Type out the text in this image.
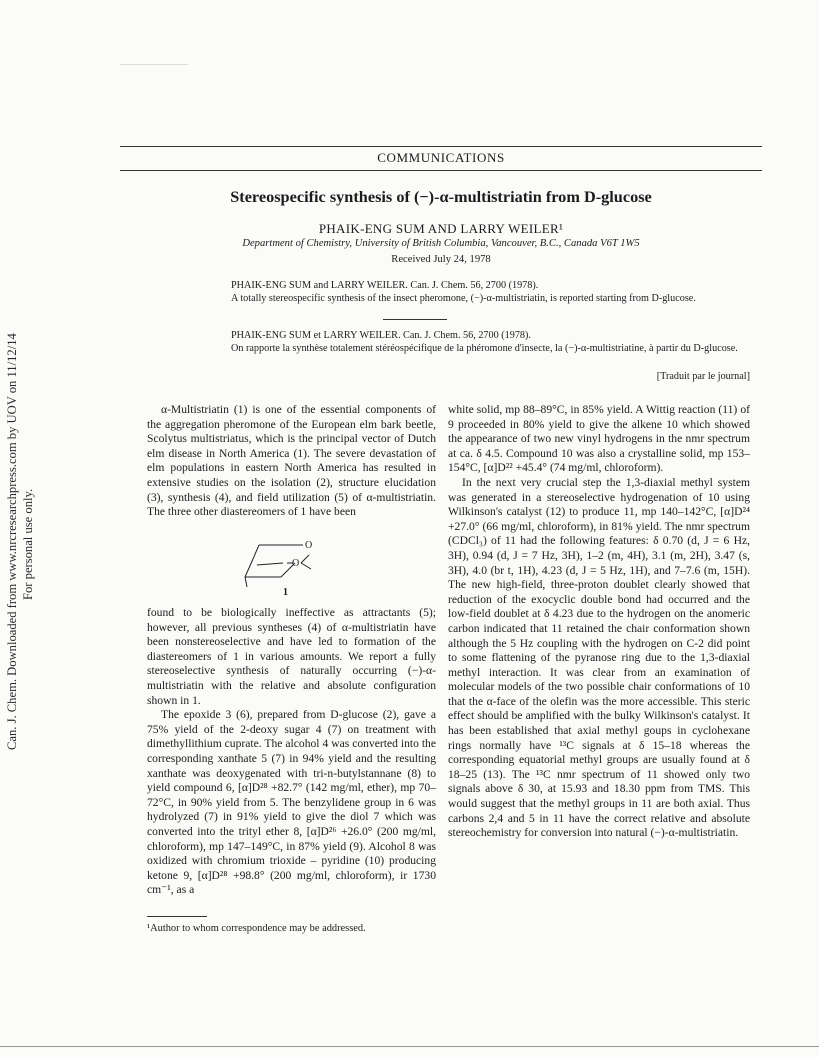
Can. J. Chem. Downloaded from www.nrcresearchpress.com by UOV on 11/12/14 For personal use only.
COMMUNICATIONS
Stereospecific synthesis of (−)-α-multistriatin from D-glucose
PHAIK-ENG SUM AND LARRY WEILER¹
Department of Chemistry, University of British Columbia, Vancouver, B.C., Canada V6T 1W5
Received July 24, 1978
PHAIK-ENG SUM and LARRY WEILER. Can. J. Chem. 56, 2700 (1978).
A totally stereospecific synthesis of the insect pheromone, (−)-α-multistriatin, is reported starting from D-glucose.
PHAIK-ENG SUM et LARRY WEILER. Can. J. Chem. 56, 2700 (1978).
On rapporte la synthèse totalement stéréospécifique de la phéromone d'insecte, la (−)-α-multistriatine, à partir du D-glucose.
[Traduit par le journal]

α-Multistriatin (1) is one of the essential components of the aggregation pheromone of the European elm bark beetle, Scolytus multistriatus, which is the principal vector of Dutch elm disease in North America (1). The severe devastation of elm populations in eastern North America has resulted in extensive studies on the isolation (2), structure elucidation (3), synthesis (4), and field utilization (5) of α-multistriatin. The three other diastereomers of 1 have been

O
O
1

found to be biologically ineffective as attractants (5); however, all previous syntheses (4) of α-multistriatin have been nonstereoselective and have led to formation of the diastereomers of 1 in various amounts. We report a fully stereoselective synthesis of naturally occurring (−)-α-multistriatin with the relative and absolute configuration shown in 1.

The epoxide 3 (6), prepared from D-glucose (2), gave a 75% yield of the 2-deoxy sugar 4 (7) on treatment with dimethyllithium cuprate. The alcohol 4 was converted into the corresponding xanthate 5 (7) in 94% yield and the resulting xanthate was deoxygenated with tri-n-butylstannane (8) to yield compound 6, [α]D²⁸ +82.7° (142 mg/ml, ether), mp 70–72°C, in 90% yield from 5. The benzylidene group in 6 was hydrolyzed (7) in 91% yield to give the diol 7 which was converted into the trityl ether 8, [α]D²⁶ +26.0° (200 mg/ml, chloroform), mp 147–149°C, in 87% yield (9). Alcohol 8 was oxidized with chromium trioxide – pyridine (10) producing ketone 9, [α]D²⁸ +98.8° (200 mg/ml, chloroform), ir 1730 cm⁻¹, as a

¹Author to whom correspondence may be addressed.

white solid, mp 88–89°C, in 85% yield. A Wittig reaction (11) of 9 proceeded in 80% yield to give the alkene 10 which showed the appearance of two new vinyl hydrogens in the nmr spectrum at ca. δ 4.5. Compound 10 was also a crystalline solid, mp 153–154°C, [α]D²² +45.4° (74 mg/ml, chloroform).

In the next very crucial step the 1,3-diaxial methyl system was generated in a stereoselective hydrogenation of 10 using Wilkinson's catalyst (12) to produce 11, mp 140–142°C, [α]D²⁴ +27.0° (66 mg/ml, chloroform), in 81% yield. The nmr spectrum (CDCl₃) of 11 had the following features: δ 0.70 (d, J = 6 Hz, 3H), 0.94 (d, J = 7 Hz, 3H), 1–2 (m, 4H), 3.1 (m, 2H), 3.47 (s, 3H), 4.0 (br t, 1H), 4.23 (d, J = 5 Hz, 1H), and 7–7.6 (m, 15H). The new high-field, three-proton doublet clearly showed that reduction of the exocyclic double bond had occurred and the low-field doublet at δ 4.23 due to the hydrogen on the anomeric carbon indicated that 11 retained the chair conformation shown although the 5 Hz coupling with the hydrogen on C-2 did point to some flattening of the pyranose ring due to the 1,3-diaxial methyl interaction. It was clear from an examination of molecular models of the two possible chair conformations of 10 that the α-face of the olefin was the more accessible. This steric effect should be amplified with the bulky Wilkinson's catalyst. It has been established that axial methyl goups in cyclohexane rings normally have ¹³C signals at δ 15–18 whereas the corresponding equatorial methyl groups are usually found at δ 18–25 (13). The ¹³C nmr spectrum of 11 showed only two signals above δ 30, at 15.93 and 18.30 ppm from TMS. This would suggest that the methyl groups in 11 are both axial. Thus carbons 2,4 and 5 in 11 have the correct relative and absolute stereochemistry for conversion into natural (−)-α-multistriatin.
